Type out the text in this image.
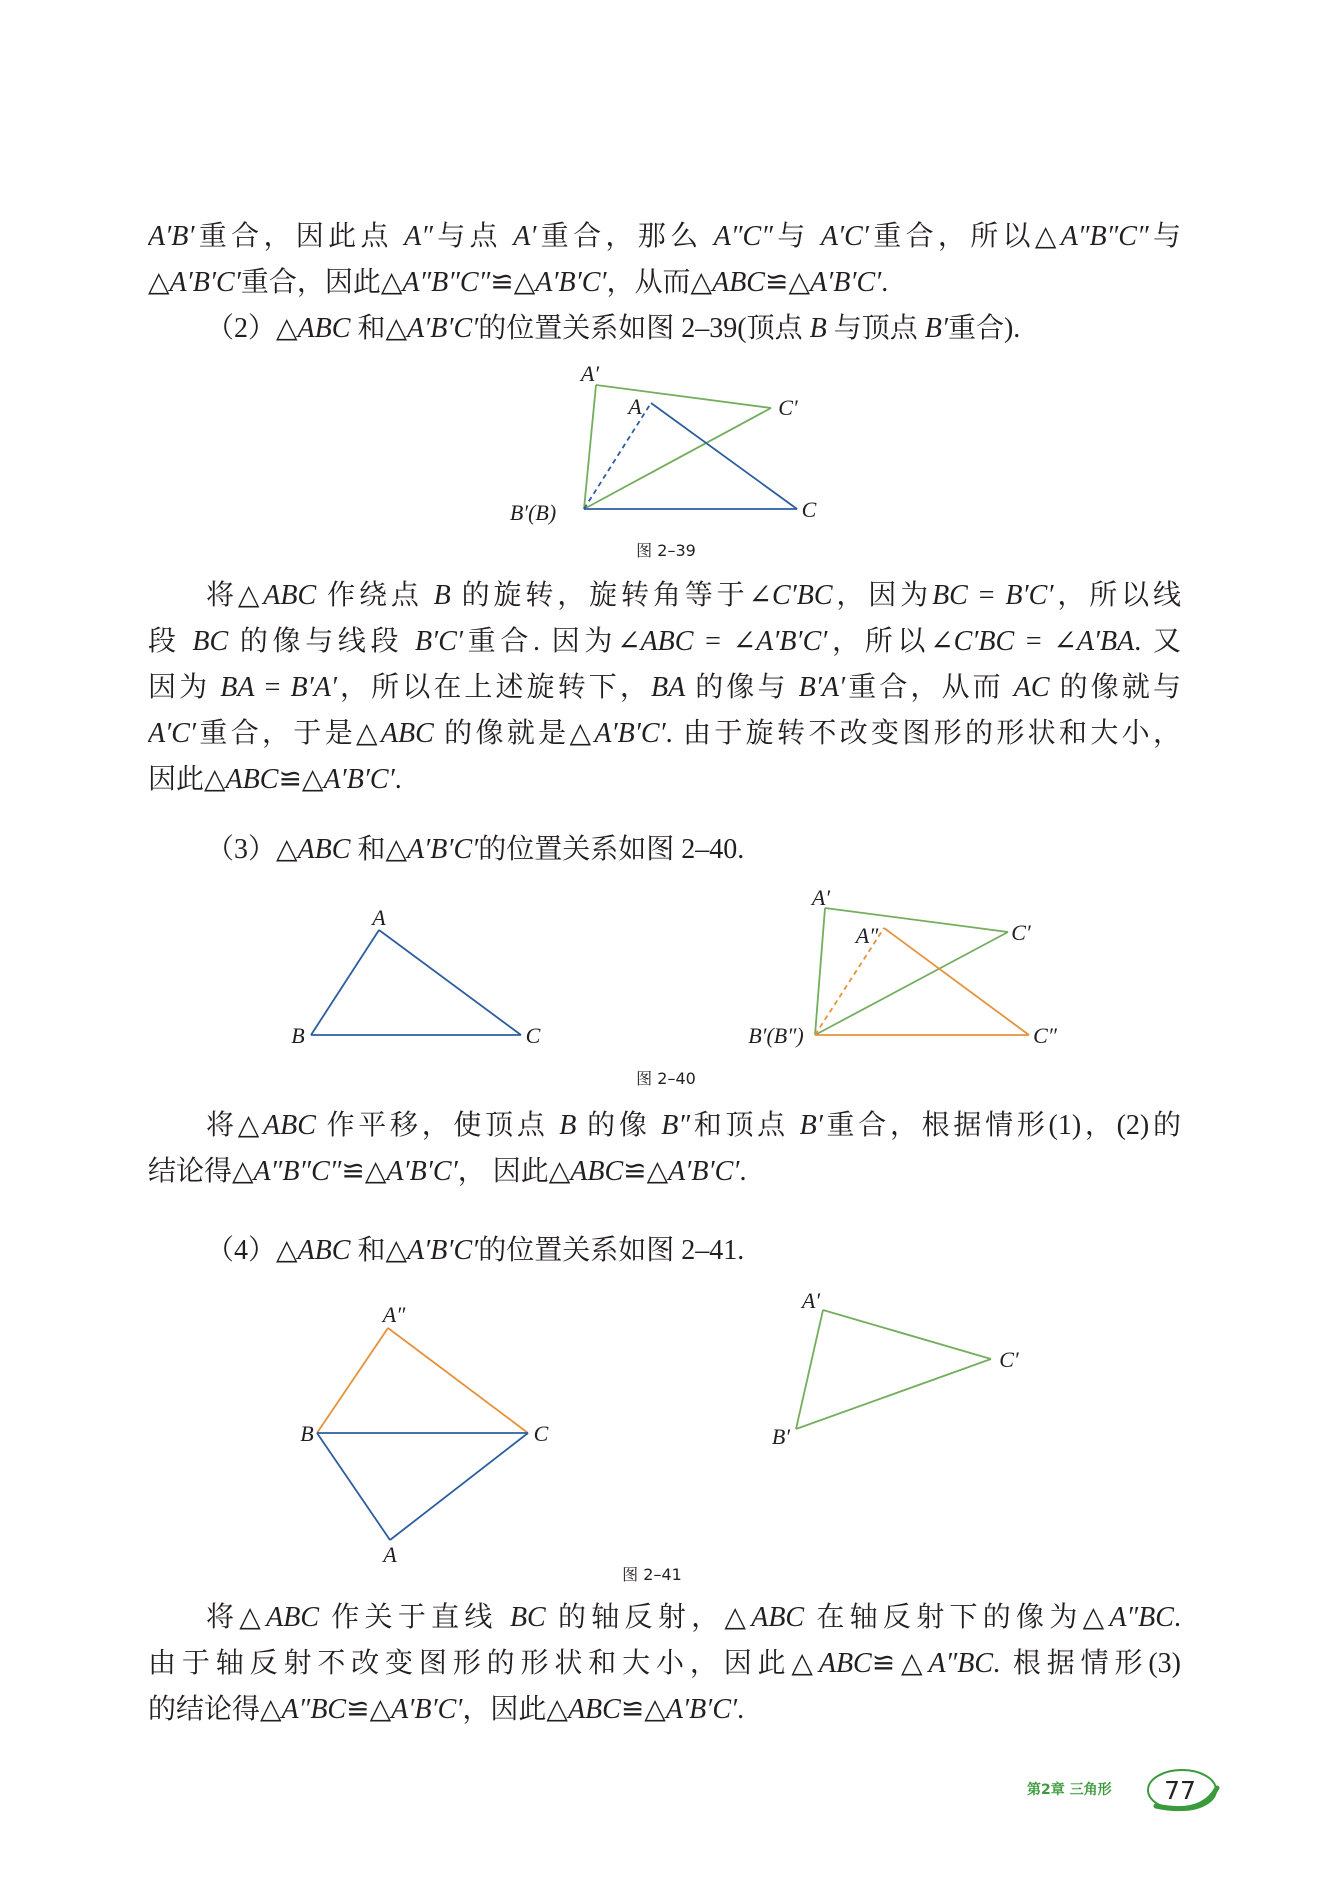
A′B′重合，因此点 A″与点 A′重合，那么 A″C″与 A′C′重合，所以△A″B″C″与
△A′B′C′重合，因此△A″B″C″≌△A′B′C′，从而△ABC≌△A′B′C′.
（2）△ABC 和△A′B′C′的位置关系如图 2–39(顶点 B 与顶点 B′重合).
A′
A	C′
B′(B)	C
图 2–39
将△ABC 作绕点 B 的旋转，旋转角等于∠C′BC，因为BC = B′C′，所以线
段 BC 的像与线段 B′C′重合. 因为∠ABC = ∠A′B′C′，所以∠C′BC = ∠A′BA. 又
因为 BA = B′A′，所以在上述旋转下，BA 的像与 B′A′重合，从而 AC 的像就与
A′C′重合，于是△ABC 的像就是△A′B′C′. 由于旋转不改变图形的形状和大小，
因此△ABC≌△A′B′C′.
（3）△ABC 和△A′B′C′的位置关系如图 2–40.
A
B	C
A′
A″	C′
B′(B″)	C″
图 2–40
将△ABC 作平移，使顶点 B 的像 B″和顶点 B′重合，根据情形(1)，(2)的
结论得△A″B″C″≌△A′B′C′， 因此△ABC≌△A′B′C′.
（4）△ABC 和△A′B′C′的位置关系如图 2–41.
A″
B	C
A
A′
C′
B′
图 2–41
将△ABC 作关于直线 BC 的轴反射，△ABC 在轴反射下的像为△A″BC.
由于轴反射不改变图形的形状和大小，因此△ABC≌△A″BC. 根据情形(3)
的结论得△A″BC≌△A′B′C′，因此△ABC≌△A′B′C′.
第2章 三角形	77
